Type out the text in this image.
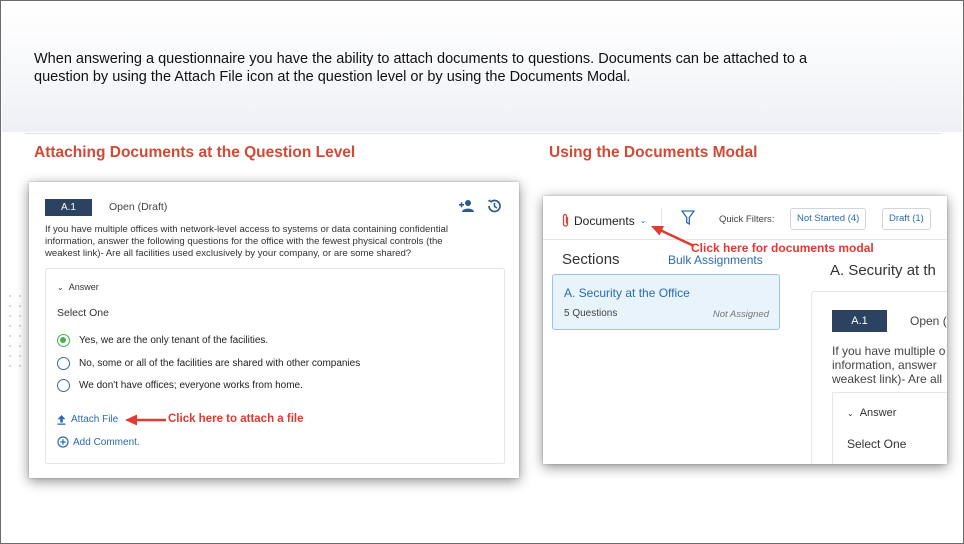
When answering a questionnaire you have the ability to attach documents to questions. Documents can be attached to a
question by using the Attach File icon at the question level or by using the Documents Modal.
Attaching Documents at the Question Level	Using the Documents Modal
A.1	Open (Draft)
If you have multiple offices with network-level access to systems or data containing confidential
information, answer the following questions for the office with the fewest physical controls (the
weakest link)- Are all facilities used exclusively by your company, or are some shared?
⌄ Answer
Select One
Yes, we are the only tenant of the facilities.
No, some or all of the facilities are shared with other companies
We don't have offices; everyone works from home.
Attach File
Add Comment.
Click here to attach a file
Documents ⌄	Quick Filters:	Not Started (4)	Draft (1)
Sections	Bulk Assignments
A. Security at the Office
5 Questions	Not Assigned
A. Security at th
A.1	Open (
If you have multiple o
information, answer
weakest link)- Are all
⌄ Answer
Select One
Click here for documents modal
